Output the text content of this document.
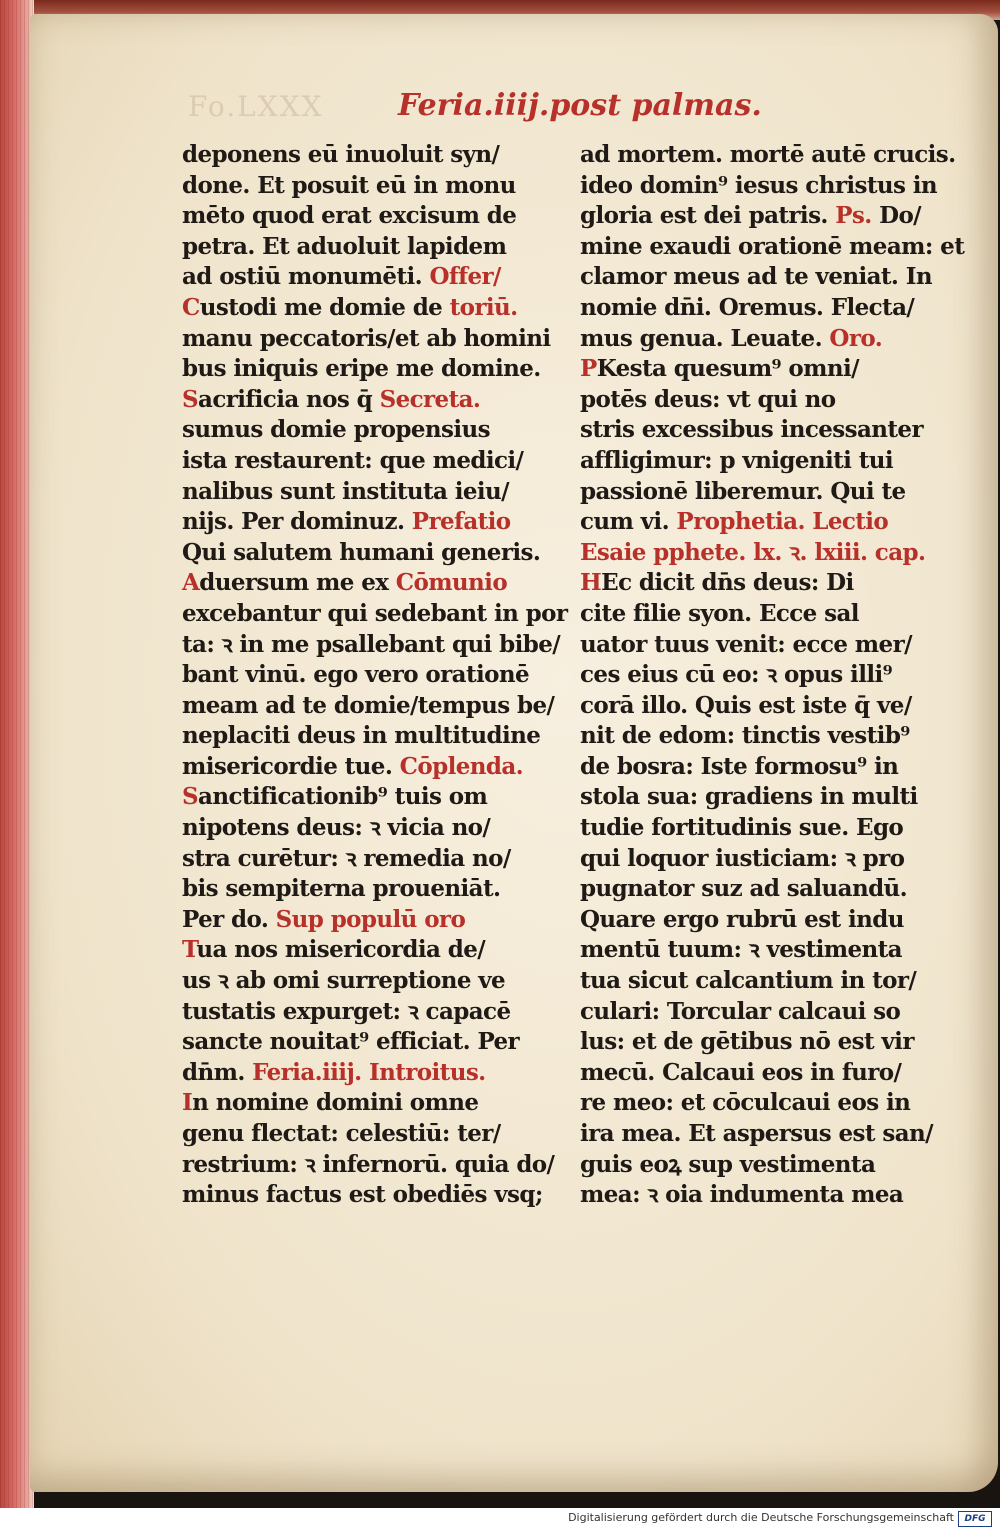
Fo.LXXX Feria.iiij.post palmas.
deponens eū inuoluit syn/
done. Et posuit eū in monu
mēto quod erat excisum de
petra. Et aduoluit lapidem
ad ostiū monumēti. Offer/
Custodi me domie de toriū.
manu peccatoris/et ab homini
bus iniquis eripe me domine.
Sacrificia nos q̄ Secreta.
sumus domie propensius
ista restaurent: que medici/
nalibus sunt instituta ieiu/
nijs. Per dominuz. Prefatio
Qui salutem humani generis.
Aduersum me ex Cōmunio
excebantur qui sedebant in por
ta: ꝛ in me psallebant qui bibe/
bant vinū. ego vero orationē
meam ad te domie/tempus be/
neplaciti deus in multitudine
misericordie tue. Cōplenda.
Sanctificationib⁹ tuis om
nipotens deus: ꝛ vicia no/
stra curētur: ꝛ remedia no/
bis sempiterna proueniāt.
Per do. Sup populū oro
Tua nos misericordia de/
us ꝛ ab omi surreptione ve
tustatis expurget: ꝛ capacē
sancte nouitat⁹ efficiat. Per
dn̄m. Feria.iiij. Introitus.
In nomine domini omne
genu flectat: celestiū: ter/
restrium: ꝛ infernorū. quia do/
minus factus est obediēs vsq;
ad mortem. mortē autē crucis.
ideo domin⁹ iesus christus in
gloria est dei patris. Ps. Do/
mine exaudi orationē meam: et
clamor meus ad te veniat. In
nomie dn̄i. Oremus. Flecta/
mus genua. Leuate. Oro.
PKesta quesum⁹ omni/
potēs deus: vt qui no
stris excessibus incessanter
affligimur: p vnigeniti tui
passionē liberemur. Qui te
cum vi. Prophetia. Lectio
Esaie pphete. lx. ꝛ. lxiii. cap.
HEc dicit dn̄s deus: Di
cite filie syon. Ecce sal
uator tuus venit: ecce mer/
ces eius cū eo: ꝛ opus illi⁹
corā illo. Quis est iste q̄ ve/
nit de edom: tinctis vestib⁹
de bosra: Iste formosu⁹ in
stola sua: gradiens in multi
tudie fortitudinis sue. Ego
qui loquor iusticiam: ꝛ pro
pugnator suz ad saluandū.
Quare ergo rubrū est indu
mentū tuum: ꝛ vestimenta
tua sicut calcantium in tor/
culari: Torcular calcaui so
lus: et de gētibus nō est vir
mecū. Calcaui eos in furo/
re meo: et cōculcaui eos in
ira mea. Et aspersus est san/
guis eoꝝ sup vestimenta
mea: ꝛ oia indumenta mea
Digitalisierung gefördert durch die Deutsche Forschungsgemeinschaft	DFG
